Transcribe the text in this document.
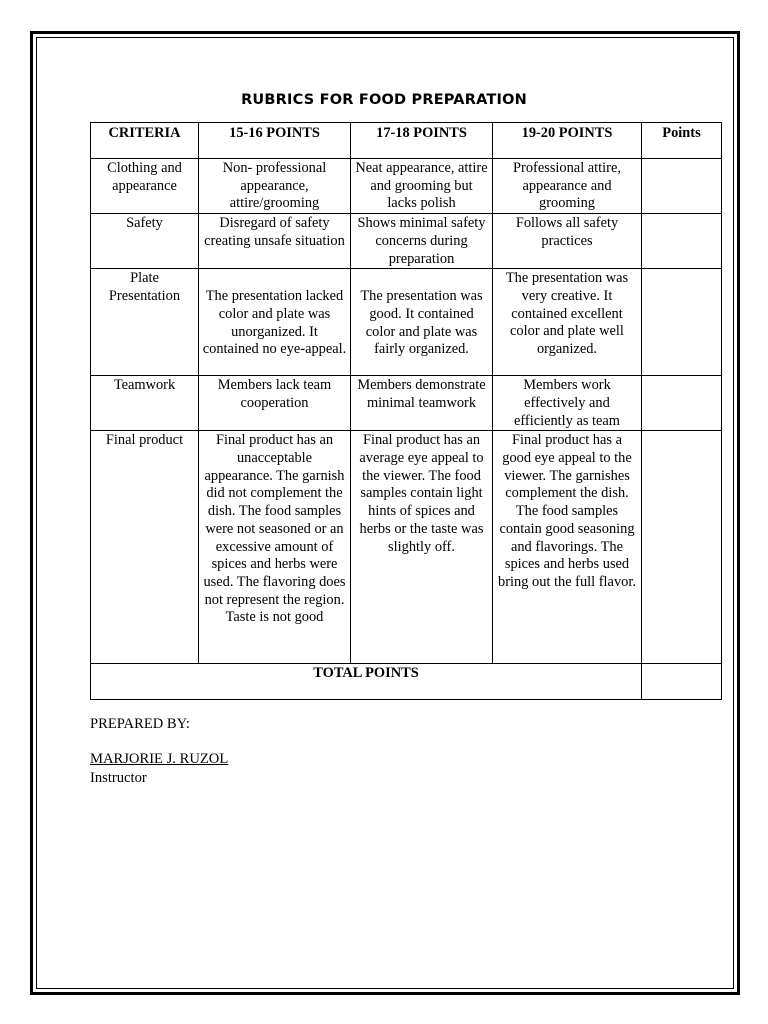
RUBRICS FOR FOOD PREPARATION
CRITERIA	15-16 POINTS	17-18 POINTS	19-20 POINTS	Points
Clothing and appearance	Non- professional appearance, attire/grooming	Neat appearance, attire and grooming but lacks polish	Professional attire, appearance and grooming	
Safety	Disregard of safety creating unsafe situation	Shows minimal safety concerns during preparation	Follows all safety practices	
Plate Presentation	The presentation lacked color and plate was unorganized. It contained no eye-appeal.	The presentation was good. It contained color and plate was fairly organized.	The presentation was very creative. It contained excellent color and plate well organized.	
Teamwork	Members lack team cooperation	Members demonstrate minimal teamwork	Members work effectively and efficiently as team	
Final product	Final product has an unacceptable appearance. The garnish did not complement the dish. The food samples were not seasoned or an excessive amount of spices and herbs were used. The flavoring does not represent the region. Taste is not good	Final product has an average eye appeal to the viewer. The food samples contain light hints of spices and herbs or the taste was slightly off.	Final product has a good eye appeal to the viewer. The garnishes complement the dish. The food samples contain good seasoning and flavorings. The spices and herbs used bring out the full flavor.	
TOTAL POINTS				
PREPARED BY:
MARJORIE J. RUZOL
Instructor
